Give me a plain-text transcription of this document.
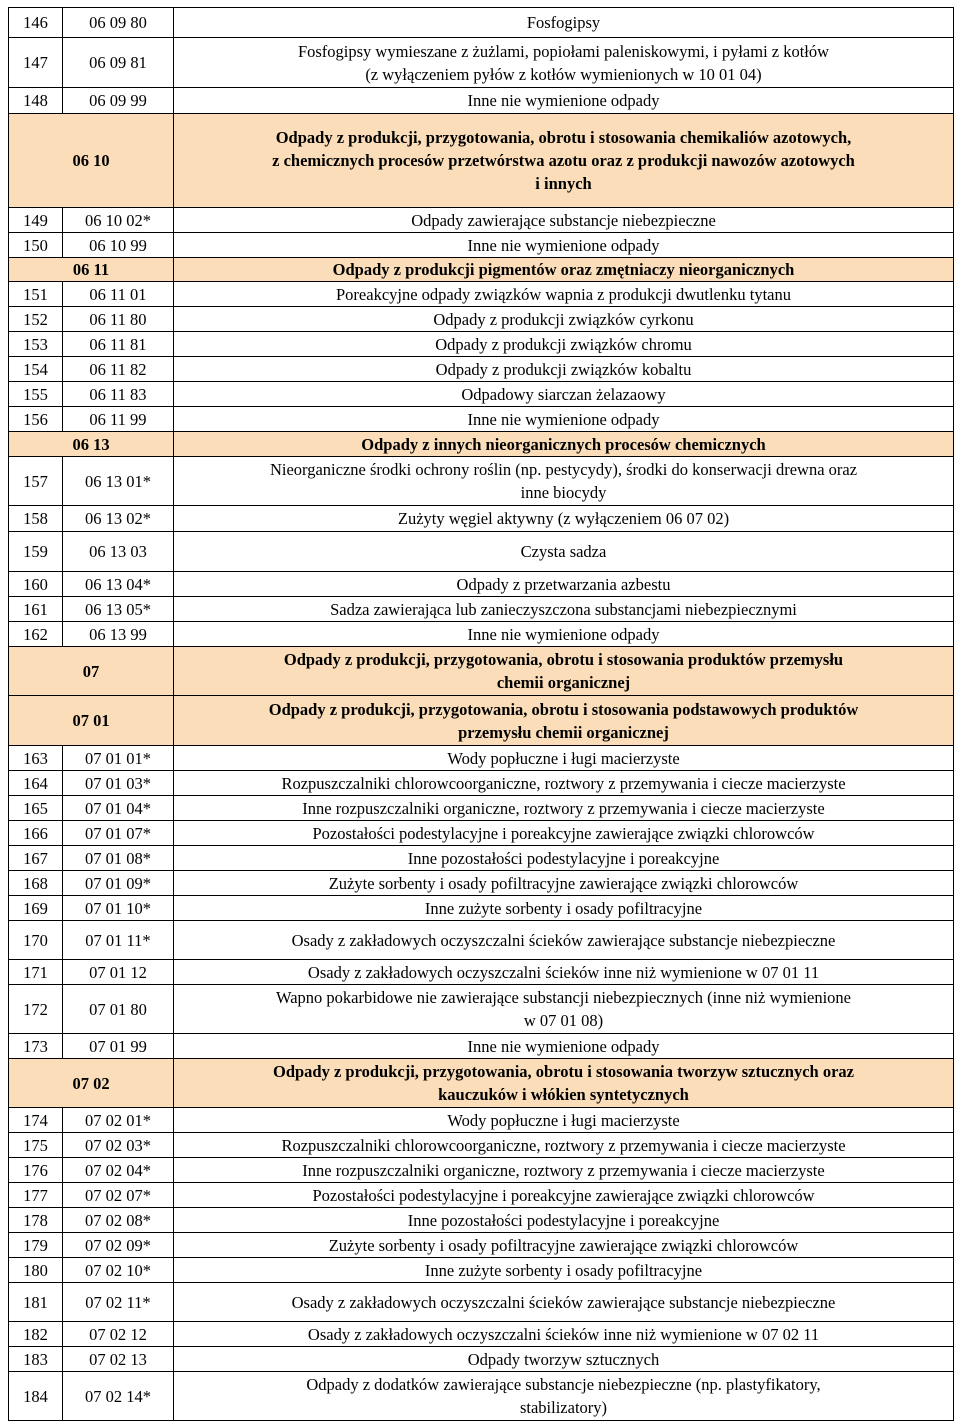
146	06 09 80	Fosfogipsy
147	06 09 81	Fosfogipsy wymieszane z żużlami, popiołami paleniskowymi, i pyłami z kotłów
(z wyłączeniem pyłów z kotłów wymienionych w 10 01 04)
148	06 09 99	Inne nie wymienione odpady
06 10		Odpady z produkcji, przygotowania, obrotu i stosowania chemikaliów azotowych,
z chemicznych procesów przetwórstwa azotu oraz z produkcji nawozów azotowych
i innych
149	06 10 02*	Odpady zawierające substancje niebezpieczne
150	06 10 99	Inne nie wymienione odpady
06 11		Odpady z produkcji pigmentów oraz zmętniaczy nieorganicznych
151	06 11 01	Poreakcyjne odpady związków wapnia z produkcji dwutlenku tytanu
152	06 11 80	Odpady z produkcji związków cyrkonu
153	06 11 81	Odpady z produkcji związków chromu
154	06 11 82	Odpady z produkcji związków kobaltu
155	06 11 83	Odpadowy siarczan żelazaowy
156	06 11 99	Inne nie wymienione odpady
06 13		Odpady z innych nieorganicznych procesów chemicznych
157	06 13 01*	Nieorganiczne środki ochrony roślin (np. pestycydy), środki do konserwacji drewna oraz
inne biocydy
158	06 13 02*	Zużyty węgiel aktywny (z wyłączeniem 06 07 02)
159	06 13 03	Czysta sadza
160	06 13 04*	Odpady z przetwarzania azbestu
161	06 13 05*	Sadza zawierająca lub zanieczyszczona substancjami niebezpiecznymi
162	06 13 99	Inne nie wymienione odpady
07		Odpady z produkcji, przygotowania, obrotu i stosowania produktów przemysłu
chemii organicznej
07 01		Odpady z produkcji, przygotowania, obrotu i stosowania podstawowych produktów
przemysłu chemii organicznej
163	07 01 01*	Wody popłuczne i ługi macierzyste
164	07 01 03*	Rozpuszczalniki chlorowcoorganiczne, roztwory z przemywania i ciecze macierzyste
165	07 01 04*	Inne rozpuszczalniki organiczne, roztwory z przemywania i ciecze macierzyste
166	07 01 07*	Pozostałości podestylacyjne i poreakcyjne zawierające związki chlorowców
167	07 01 08*	Inne pozostałości podestylacyjne i poreakcyjne
168	07 01 09*	Zużyte sorbenty i osady pofiltracyjne zawierające związki chlorowców
169	07 01 10*	Inne zużyte sorbenty i osady pofiltracyjne
170	07 01 11*	Osady z zakładowych oczyszczalni ścieków zawierające substancje niebezpieczne
171	07 01 12	Osady z zakładowych oczyszczalni ścieków inne niż wymienione w 07 01 11
172	07 01 80	Wapno pokarbidowe nie zawierające substancji niebezpiecznych (inne niż wymienione
w 07 01 08)
173	07 01 99	Inne nie wymienione odpady
07 02		Odpady z produkcji, przygotowania, obrotu i stosowania tworzyw sztucznych oraz
kauczuków i włókien syntetycznych
174	07 02 01*	Wody popłuczne i ługi macierzyste
175	07 02 03*	Rozpuszczalniki chlorowcoorganiczne, roztwory z przemywania i ciecze macierzyste
176	07 02 04*	Inne rozpuszczalniki organiczne, roztwory z przemywania i ciecze macierzyste
177	07 02 07*	Pozostałości podestylacyjne i poreakcyjne zawierające związki chlorowców
178	07 02 08*	Inne pozostałości podestylacyjne i poreakcyjne
179	07 02 09*	Zużyte sorbenty i osady pofiltracyjne zawierające związki chlorowców
180	07 02 10*	Inne zużyte sorbenty i osady pofiltracyjne
181	07 02 11*	Osady z zakładowych oczyszczalni ścieków zawierające substancje niebezpieczne
182	07 02 12	Osady z zakładowych oczyszczalni ścieków inne niż wymienione w 07 02 11
183	07 02 13	Odpady tworzyw sztucznych
184	07 02 14*	Odpady z dodatków zawierające substancje niebezpieczne (np. plastyfikatory,
stabilizatory)
